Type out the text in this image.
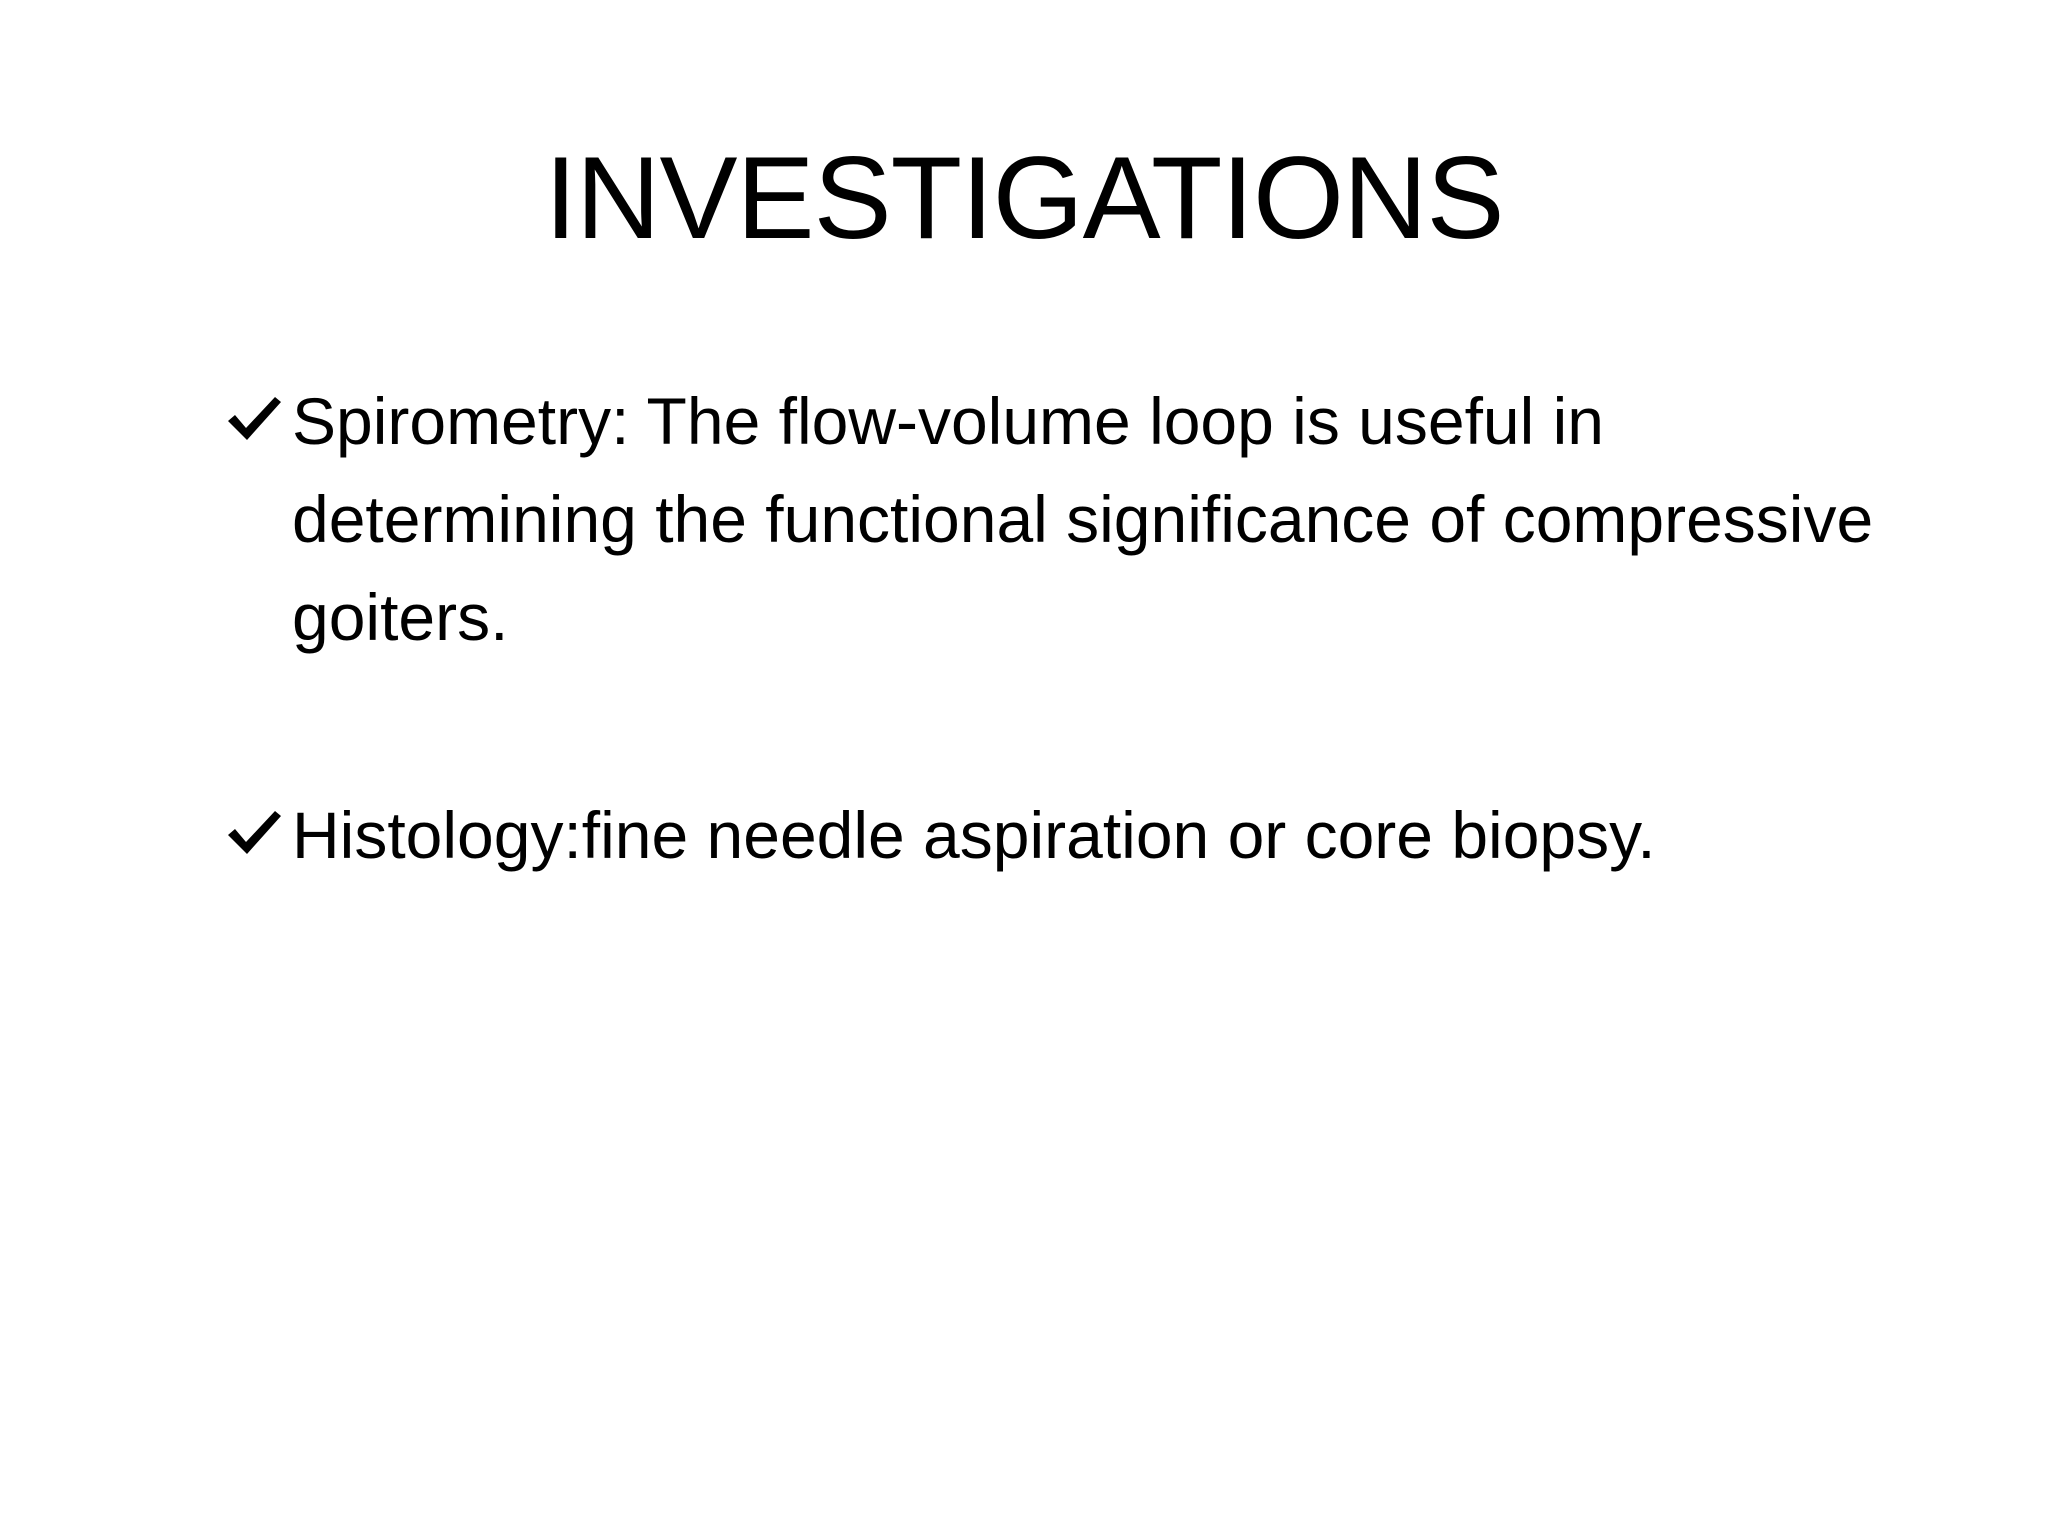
INVESTIGATIONS
Spirometry: The flow-volume loop is useful in determining the functional significance of compressive goiters.
Histology:fine needle aspiration or core biopsy.
